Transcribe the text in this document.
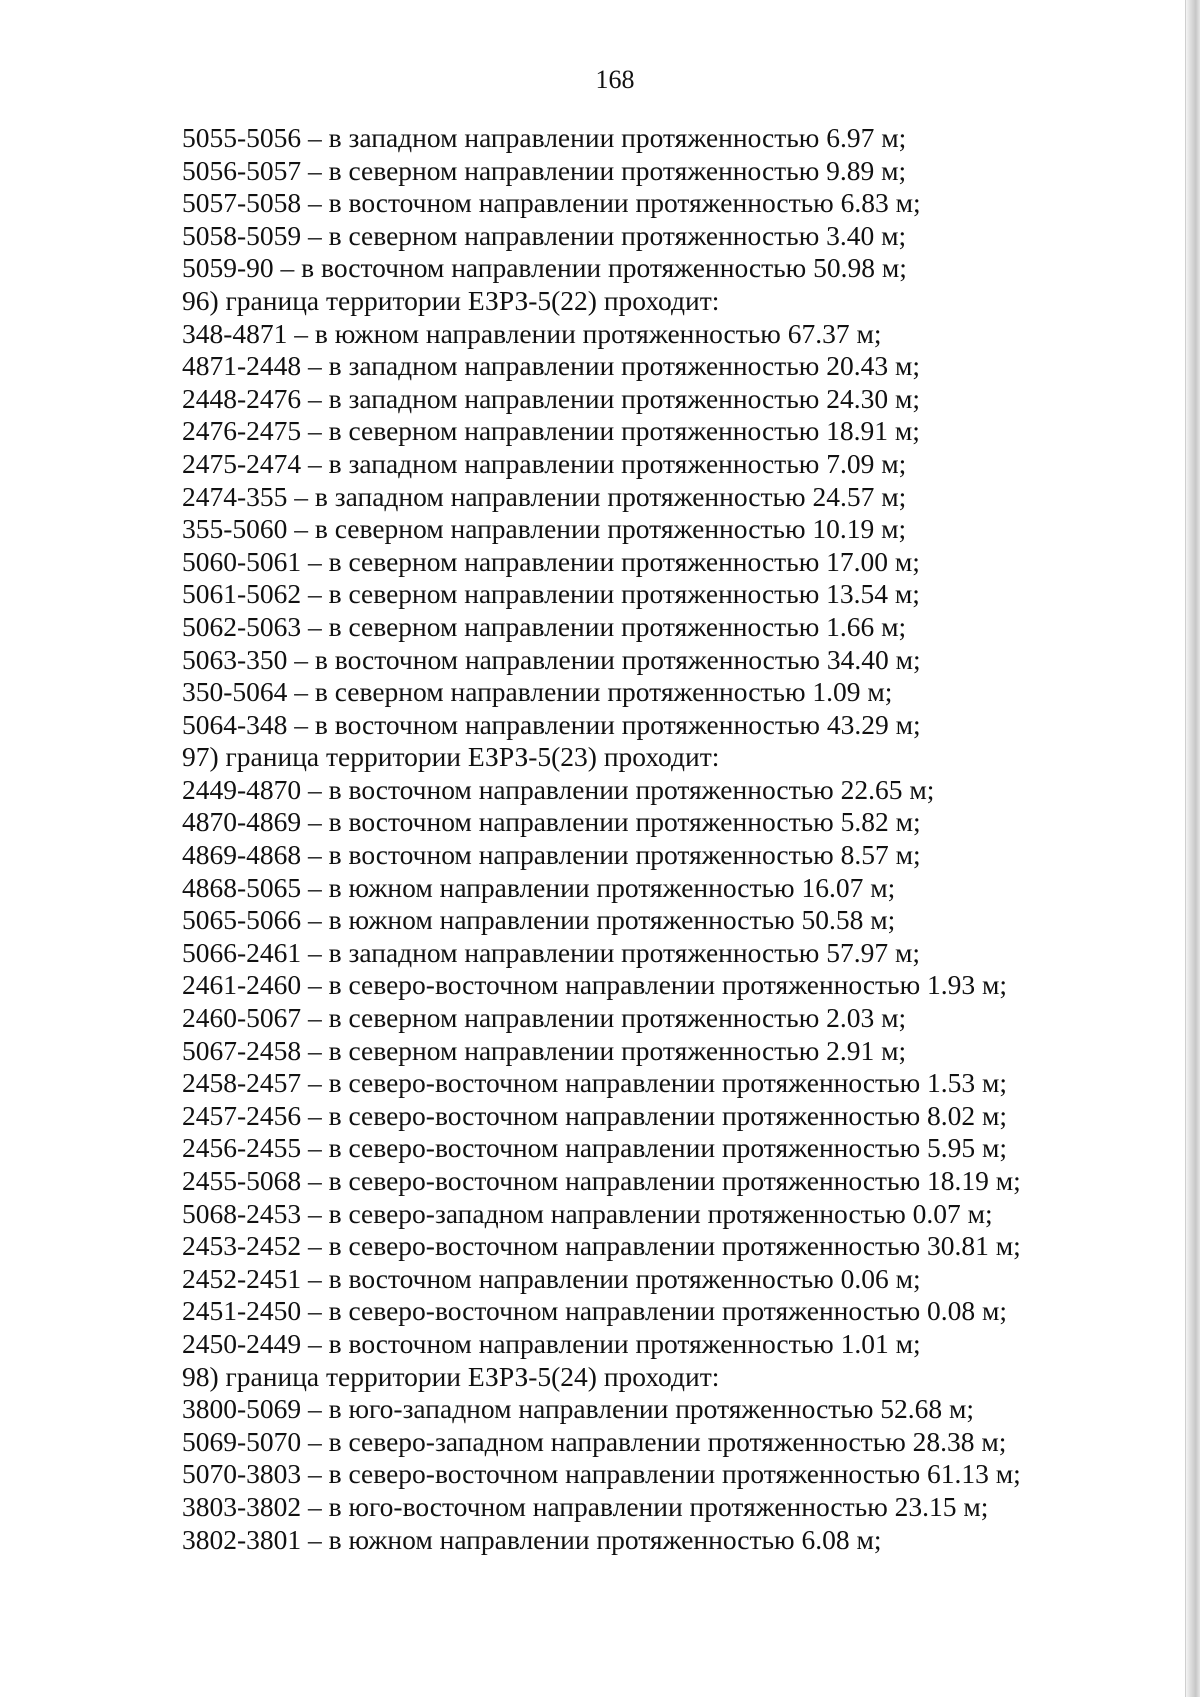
168
5055-5056 – в западном направлении протяженностью 6.97 м;
5056-5057 – в северном направлении протяженностью 9.89 м;
5057-5058 – в восточном направлении протяженностью 6.83 м;
5058-5059 – в северном направлении протяженностью 3.40 м;
5059-90 – в восточном направлении протяженностью 50.98 м;
96) граница территории ЕЗРЗ-5(22) проходит:
348-4871 – в южном направлении протяженностью 67.37 м;
4871-2448 – в западном направлении протяженностью 20.43 м;
2448-2476 – в западном направлении протяженностью 24.30 м;
2476-2475 – в северном направлении протяженностью 18.91 м;
2475-2474 – в западном направлении протяженностью 7.09 м;
2474-355 – в западном направлении протяженностью 24.57 м;
355-5060 – в северном направлении протяженностью 10.19 м;
5060-5061 – в северном направлении протяженностью 17.00 м;
5061-5062 – в северном направлении протяженностью 13.54 м;
5062-5063 – в северном направлении протяженностью 1.66 м;
5063-350 – в восточном направлении протяженностью 34.40 м;
350-5064 – в северном направлении протяженностью 1.09 м;
5064-348 – в восточном направлении протяженностью 43.29 м;
97) граница территории ЕЗРЗ-5(23) проходит:
2449-4870 – в восточном направлении протяженностью 22.65 м;
4870-4869 – в восточном направлении протяженностью 5.82 м;
4869-4868 – в восточном направлении протяженностью 8.57 м;
4868-5065 – в южном направлении протяженностью 16.07 м;
5065-5066 – в южном направлении протяженностью 50.58 м;
5066-2461 – в западном направлении протяженностью 57.97 м;
2461-2460 – в северо-восточном направлении протяженностью 1.93 м;
2460-5067 – в северном направлении протяженностью 2.03 м;
5067-2458 – в северном направлении протяженностью 2.91 м;
2458-2457 – в северо-восточном направлении протяженностью 1.53 м;
2457-2456 – в северо-восточном направлении протяженностью 8.02 м;
2456-2455 – в северо-восточном направлении протяженностью 5.95 м;
2455-5068 – в северо-восточном направлении протяженностью 18.19 м;
5068-2453 – в северо-западном направлении протяженностью 0.07 м;
2453-2452 – в северо-восточном направлении протяженностью 30.81 м;
2452-2451 – в восточном направлении протяженностью 0.06 м;
2451-2450 – в северо-восточном направлении протяженностью 0.08 м;
2450-2449 – в восточном направлении протяженностью 1.01 м;
98) граница территории ЕЗРЗ-5(24) проходит:
3800-5069 – в юго-западном направлении протяженностью 52.68 м;
5069-5070 – в северо-западном направлении протяженностью 28.38 м;
5070-3803 – в северо-восточном направлении протяженностью 61.13 м;
3803-3802 – в юго-восточном направлении протяженностью 23.15 м;
3802-3801 – в южном направлении протяженностью 6.08 м;
